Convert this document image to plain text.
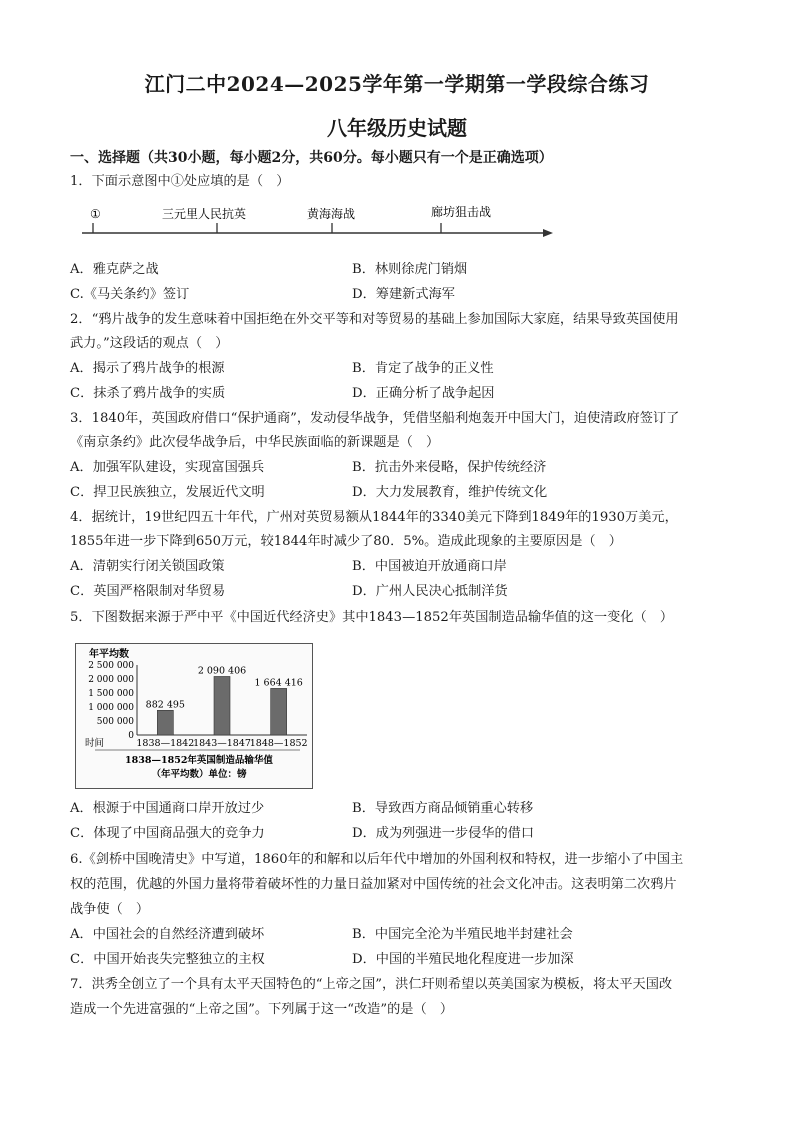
江门二中2024—2025学年第一学期第一学段综合练习
八年级历史试题
一、选择题（共30小题，每小题2分，共60分。每小题只有一个是正确选项）
1．下面示意图中①处应填的是（　）
①	三元里人民抗英	黄海海战	廊坊狙击战
A．雅克萨之战	B．林则徐虎门销烟
C.《马关条约》签订	D．筹建新式海军
2．“鸦片战争的发生意味着中国拒绝在外交平等和对等贸易的基础上参加国际大家庭，结果导致英国使用
武力。”这段话的观点（　）
A．揭示了鸦片战争的根源	B．肯定了战争的正义性
C．抹杀了鸦片战争的实质	D．正确分析了战争起因
3．1840年，英国政府借口“保护通商”，发动侵华战争，凭借坚船利炮轰开中国大门，迫使清政府签订了
《南京条约》此次侵华战争后，中华民族面临的新课题是（　）
A．加强军队建设，实现富国强兵	B．抗击外来侵略，保护传统经济
C．捍卫民族独立，发展近代文明	D．大力发展教育，维护传统文化
4．据统计，19世纪四五十年代，广州对英贸易额从1844年的3340美元下降到1849年的1930万美元，
1855年进一步下降到650万元，较1844年时减少了80．5%。造成此现象的主要原因是（　）
A．清朝实行闭关锁国政策	B．中国被迫开放通商口岸
C．英国严格限制对华贸易	D．广州人民决心抵制洋货
5．下图数据来源于严中平《中国近代经济史》其中1843—1852年英国制造品输华值的这一变化（　）
年平均数
2 500 000
2 000 000
1 500 000
1 000 000
500 000
0
882 495
2 090 406
1 664 416
1838—1842
1843—1847
1848—1852
时间
1838—1852年英国制造品输华值
（年平均数）单位：镑
A．根源于中国通商口岸开放过少	B．导致西方商品倾销重心转移
C．体现了中国商品强大的竞争力	D．成为列强进一步侵华的借口
6.《剑桥中国晚清史》中写道，1860年的和解和以后年代中增加的外国利权和特权，进一步缩小了中国主
权的范围，优越的外国力量将带着破坏性的力量日益加紧对中国传统的社会文化冲击。这表明第二次鸦片
战争使（　）
A．中国社会的自然经济遭到破坏	B．中国完全沦为半殖民地半封建社会
C．中国开始丧失完整独立的主权	D．中国的半殖民地化程度进一步加深
7．洪秀全创立了一个具有太平天国特色的“上帝之国”，洪仁玕则希望以英美国家为模板，将太平天国改
造成一个先进富强的“上帝之国”。下列属于这一“改造”的是（　）
